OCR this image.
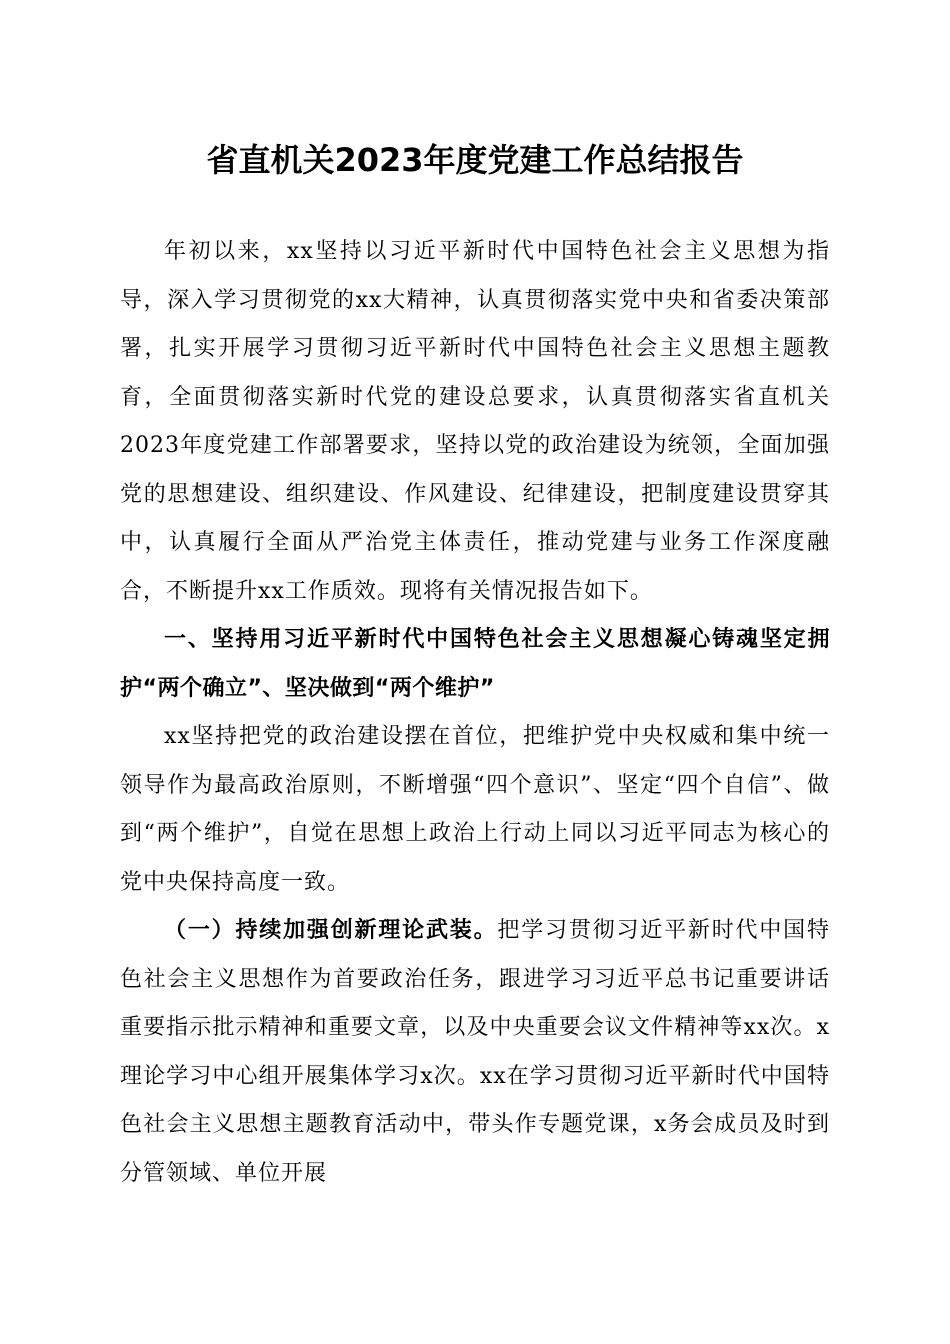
省直机关2023年度党建工作总结报告

年初以来，xx坚持以习近平新时代中国特色社会主义思想为指导，深入学习贯彻党的xx大精神，认真贯彻落实党中央和省委决策部署，扎实开展学习贯彻习近平新时代中国特色社会主义思想主题教育，全面贯彻落实新时代党的建设总要求，认真贯彻落实省直机关2023年度党建工作部署要求，坚持以党的政治建设为统领，全面加强党的思想建设、组织建设、作风建设、纪律建设，把制度建设贯穿其中，认真履行全面从严治党主体责任，推动党建与业务工作深度融合，不断提升xx工作质效。现将有关情况报告如下。

一、坚持用习近平新时代中国特色社会主义思想凝心铸魂坚定拥护“两个确立”、坚决做到“两个维护”

xx坚持把党的政治建设摆在首位，把维护党中央权威和集中统一领导作为最高政治原则，不断增强“四个意识”、坚定“四个自信”、做到“两个维护”，自觉在思想上政治上行动上同以习近平同志为核心的党中央保持高度一致。

（一）持续加强创新理论武装。把学习贯彻习近平新时代中国特色社会主义思想作为首要政治任务，跟进学习习近平总书记重要讲话重要指示批示精神和重要文章，以及中央重要会议文件精神等xx次。x理论学习中心组开展集体学习x次。xx在学习贯彻习近平新时代中国特色社会主义思想主题教育活动中，带头作专题党课，x务会成员及时到分管领域、单位开展
